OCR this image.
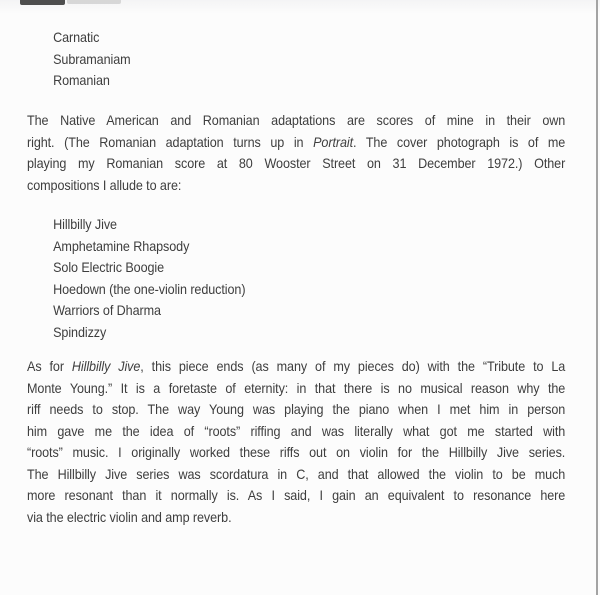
Carnatic
Subramaniam
Romanian
The Native American and Romanian adaptations are scores of mine in their own
right. (The Romanian adaptation turns up in Portrait. The cover photograph is of me
playing my Romanian score at 80 Wooster Street on 31 December 1972.) Other
compositions I allude to are:
Hillbilly Jive
Amphetamine Rhapsody
Solo Electric Boogie
Hoedown (the one-violin reduction)
Warriors of Dharma
Spindizzy
As for Hillbilly Jive, this piece ends (as many of my pieces do) with the “Tribute to La
Monte Young.” It is a foretaste of eternity: in that there is no musical reason why the
riff needs to stop. The way Young was playing the piano when I met him in person
him gave me the idea of “roots” riffing and was literally what got me started with
“roots” music. I originally worked these riffs out on violin for the Hillbilly Jive series.
The Hillbilly Jive series was scordatura in C, and that allowed the violin to be much
more resonant than it normally is. As I said, I gain an equivalent to resonance here
via the electric violin and amp reverb.
